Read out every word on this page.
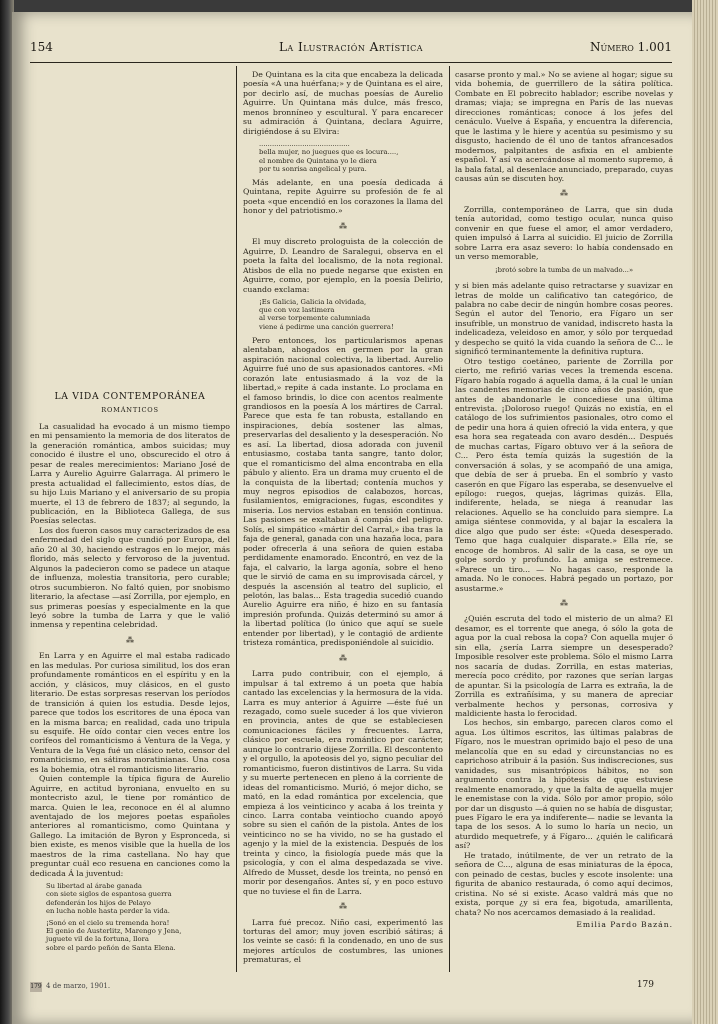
154	La Ilustración Artística	Número 1.001
LA VIDA CONTEMPORÁNEA
ROMÁNTICOS

La casualidad ha evocado á un mismo tiempo en mi pensamiento la memoria de dos literatos de la generación romántica, ambos suicidas; muy conocido é ilustre el uno, obscurecido el otro á pesar de reales merecimientos: Mariano José de Larra y Aurelio Aguirre Galarraga. Al primero le presta actualidad el fallecimiento, estos días, de su hijo Luis Mariano y el aniversario de su propia muerte, el 13 de febrero de 1837; al segundo, la publicación, en la Biblioteca Gallega, de sus Poesías selectas.

Los dos fueron casos muy caracterizados de esa enfermedad del siglo que cundió por Europa, del año 20 al 30, haciendo estragos en lo mejor, más florido, más selecto y fervoroso de la juventud. Algunos la padecieron como se padece un ataque de influenza, molestia transitoria, pero curable; otros sucumbieron. No faltó quien, por snobismo literario, la afectase —así Zorrilla, por ejemplo, en sus primeras poesías y especialmente en la que leyó sobre la tumba de Larra y que le valió inmensa y repentina celebridad.

⁂

En Larra y en Aguirre el mal estaba radicado en las medulas. Por curiosa similitud, los dos eran profundamente románticos en el espíritu y en la acción, y clásicos, muy clásicos, en el gusto literario. De estas sorpresas reservan los períodos de transición á quien los estudia. Desde lejos, parece que todos los escritores de una época van en la misma barca; en realidad, cada uno tripula su esquife. He oído contar cien veces entre los corifeos del romanticismo á Ventura de la Vega, y Ventura de la Vega fué un clásico neto, censor del romanticismo, en sátiras moratinianas. Una cosa es la bohemia, otra el romanticismo literario.

Quien contemple la típica figura de Aurelio Aguirre, en actitud byroniana, envuelto en su montecristo azul, le tiene por romántico de marca. Quien le lea, reconoce en él al alumno aventajado de los mejores poetas españoles anteriores al romanticismo, como Quintana y Gallego. La imitación de Byron y Espronceda, si bien existe, es menos visible que la huella de los maestros de la rima castellana. No hay que preguntar cuál eco resuena en canciones como la dedicada Á la juventud:

Su libertad al árabe ganada
con siete siglos de espantosa guerra
defenderán los hijos de Pelayo
en lucha noble hasta perder la vida.
¡Sonó en el cielo su tremenda hora!
El genio de Austerlitz, Marengo y Jena,
juguete vil de la fortuna, llora
sobre el pardo peñón de Santa Elena.

De Quintana es la cita que encabeza la delicada poesía «A una huérfana;» y de Quintana es el aire, por decirlo así, de muchas poesías de Aurelio Aguirre. Un Quintana más dulce, más fresco, menos bronníneo y escultural. Y para encarecer su admiración á Quintana, declara Aguirre, dirigiéndose á su Elvira:

..........................................
bella mujer, no juegues que es locura....,
el nombre de Quintana yo le diera
por tu sonrisa angelical y pura.

Más adelante, en una poesía dedicada á Quintana, repite Aguirre su profesión de fe al poeta «que encendió en los corazones la llama del honor y del patriotismo.»

⁂

El muy discreto prologuista de la colección de Aguirre, D. Leandro de Saralegui, observa en el poeta la falta del localismo, de la nota regional. Atisbos de ella no puede negarse que existen en Aguirre, como, por ejemplo, en la poesía Delirio, cuando exclama:

¡Es Galicia, Galicia la olvidada,
que con voz lastimera
al verse torpemente calumniada
viene á pedirme una canción guerrera!

Pero entonces, los particularismos apenas alentaban, ahogados en germen por la gran aspiración nacional colectiva, la libertad. Aurelio Aguirre fué uno de sus apasionados cantores. «Mi corazón late entusiasmado á la voz de la libertad,» repite á cada instante. Lo proclama en el famoso brindis, lo dice con acentos realmente grandiosos en la poesía A los mártires de Carral. Parece que esta fe tan robusta, estallando en inspiraciones, debía sostener las almas, preservarlas del desaliento y la desesperación. No es así. La libertad, diosa adorada con juvenil entusiasmo, costaba tanta sangre, tanto dolor, que el romanticismo del alma encontraba en ella pábulo y aliento. Era un drama muy cruento el de la conquista de la libertad; contenía muchos y muy negros episodios de calabozos, horcas, fusilamientos, emigraciones, fugas, escondites y miseria. Los nervios estaban en tensión continua. Las pasiones se exaltaban á compás del peligro. Solís, el simpático «mártir del Carral,» iba tras la faja de general, ganada con una hazaña loca, para poder ofrecerla á una señora de quien estaba perdidamente enamorado. Encontró, en vez de la faja, el calvario, la larga agonía, sobre el heno que le sirvió de cama en su improvisada cárcel, y después la ascensión al teatro del suplicio, el pelotón, las balas... Esta tragedia sucedió cuando Aurelio Aguirre era niño, é hizo en su fantasía impresión profunda. Quizás determinó su amor á la libertad política (lo único que aquí se suele entender por libertad), y le contagió de ardiente tristeza romántica, predisponiéndole al suicidio.

⁂

Larra pudo contribuir, con el ejemplo, á impulsar á tal extremo á un poeta que había cantado las excelencias y la hermosura de la vida. Larra es muy anterior á Aguirre —éste fué un rezagado, como suele suceder á los que vivieron en provincia, antes de que se estableciesen comunicaciones fáciles y frecuentes. Larra, clásico por escuela, era romántico por carácter, aunque lo contrario dijese Zorrilla. El descontento y el orgullo, la apoteosis del yo, signo peculiar del romanticismo, fueron distintivos de Larra. Su vida y su muerte pertenecen en pleno á la corriente de ideas del romanticismo. Murió, ó mejor dicho, se mató, en la edad romántica por excelencia, que empieza á los veinticinco y acaba á los treinta y cinco. Larra contaba veintiocho cuando apoyó sobre su sien el cañón de la pistola. Antes de los veinticinco no se ha vivido, no se ha gustado el agenjo y la miel de la existencia. Después de los treinta y cinco, la fisiología puede más que la psicología, y con el alma despedazada se vive. Alfredo de Musset, desde los treinta, no pensó en morir por desengaños. Antes sí, y en poco estuvo que no tuviese el fin de Larra.

⁂

Larra fué precoz. Niño casi, experimentó las torturas del amor; muy joven escribió sátiras; á los veinte se casó: fi la condenado, en uno de sus mejores artículos de costumbres, las uniones prematuras, el

casarse pronto y mal.» No se aviene al hogar; sigue su vida bohemia, de guerrillero de la sátira política. Combate en El pobrecito hablador; escribe novelas y dramas; viaja; se impregna en París de las nuevas direcciones románticas; conoce á los jefes del cenáculo. Vuelve á España, y encuentra la diferencia, que le lastima y le hiere y acentúa su pesimismo y su disgusto, haciendo de él uno de tantos afrancesados modernos, palpitantes de asfixia en el ambiente español. Y así va acercándose al momento supremo, á la bala fatal, al desenlace anunciado, preparado, cuyas causas aún se discuten hoy.

⁂

Zorrilla, contemporáneo de Larra, que sin duda tenía autoridad, como testigo ocular, nunca quiso convenir en que fuese el amor, el amor verdadero, quien impulsó á Larra al suicidio. El juicio de Zorrilla sobre Larra era asaz severo: lo había condensado en un verso memorable,

¡brotó sobre la tumba de un malvado...»

y si bien más adelante quiso retractarse y suavizar en letras de molde un calificativo tan categórico, de palabra no cabe decir de ningún hombre cosas peores. Según el autor del Tenorio, era Fígaro un ser insufrible, un monstruo de vanidad, indiscreto hasta la indelicadeza, veleidoso en amor, y sólo por terquedad y despecho se quitó la vida cuando la señora de C... le significó terminantemente la definitiva ruptura.

Otro testigo coetáneo, pariente de Zorrilla por cierto, me refirió varias veces la tremenda escena. Fígaro había rogado á aquella dama, á la cual le unían las candentes memorias de cinco años de pasión, que antes de abandonarle le concediese una última entrevista. ¡Doloroso ruego! Quizás no existía, en el catálogo de los sufrimientos pasionales, otro como el de pedir una hora á quien ofreció la vida entera, y que esa hora sea regateada con avaro desdén... Después de muchas cartas, Fígaro obtuvo ver á la señora de C... Pero ésta temía quizás la sugestión de la conversación á solas, y se acompañó de una amiga, que debía de ser á prueba. En el sombrío y vasto caserón en que Fígaro las esperaba, se desenvuelve el epílogo: ruegos, quejas, lágrimas quizás. Ella, indiferente, helada, se niega á reanudar las relaciones. Aquello se ha concluido para siempre. La amiga siéntese conmovida, y al bajar la escalera la dice algo que pudo ser éste: «Queda desesperado. Temo que haga cualquier disparate.» Ella ríe, se encoge de hombros. Al salir de la casa, se oye un golpe sordo y profundo. La amiga se estremece. «Parece un tiro... — No hagas caso, responde la amada. No le conoces. Habrá pegado un portazo, por asustarme.»

⁂

¿Quién escruta del todo el misterio de un alma? El desamor, es el torrente que anega, ó sólo la gota de agua por la cual rebosa la copa? Con aquella mujer ó sin ella, ¿sería Larra siempre un desesperado? Imposible resolver este problema. Sólo el mismo Larra nos sacaría de dudas. Zorrilla, en estas materias, merecía poco crédito, por razones que serían largas de apuntar. Si la psicología de Larra es extraña, la de Zorrilla es extrañísima, y su manera de apreciar verbalmente hechos y personas, corrosiva y maldiciente hasta lo ferocidad.

Los hechos, sin embargo, parecen claros como el agua. Los últimos escritos, las últimas palabras de Fígaro, nos le muestran oprimido bajo el peso de una melancolía que en su edad y circunstancias no es caprichoso atribuir á la pasión. Sus indiscreciones, sus vanidades, sus misantrópicos hábitos, no son argumento contra la hipótesis de que estuviese realmente enamorado, y que la falta de aquella mujer le enemistase con la vida. Sólo por amor propio, sólo por dar un disgusto —á quien no se había de disgustar, pues Fígaro le era ya indiferente— nadie se levanta la tapa de los sesos. A lo sumo lo haría un necio, un aturdido mequetrefe, y á Fígaro... ¿quién le calificará así?

He tratado, inútilmente, de ver un retrato de la señora de C..., alguna de esas miniaturas de la época, con peinado de cestas, bucles y escote insolente: una figurita de abanico restaurada, ó como aquí decimos, cristina. No sé si existe. Acaso valdrá más que no exista, porque ¿y si era fea, bigotuda, amarillenta, chata? No nos acercamos demasiado á la realidad.

Emilia Pardo Bazán.
179 4 de marzo, 1901.	179
